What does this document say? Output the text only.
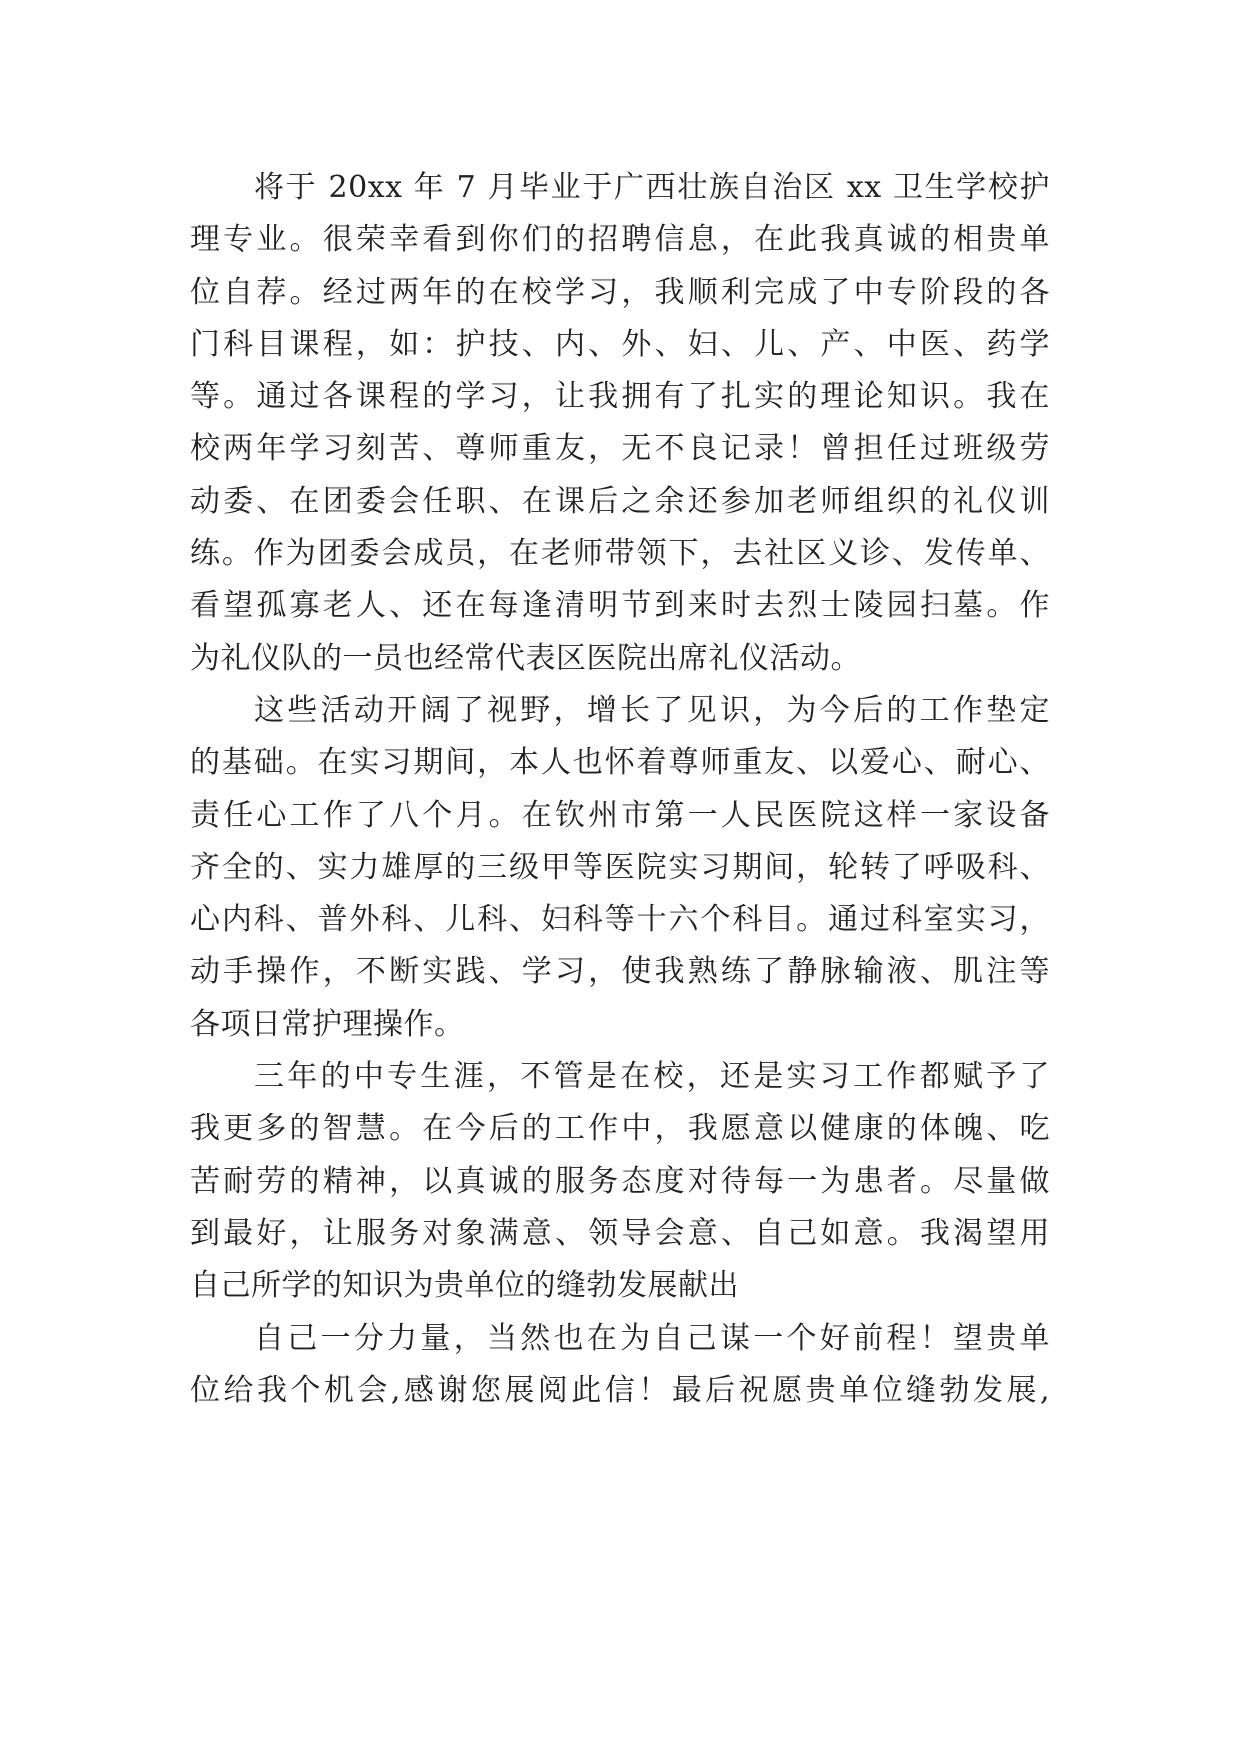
将于 20xx 年 7 月毕业于广西壮族自治区 xx 卫生学校护
理专业。很荣幸看到你们的招聘信息，在此我真诚的相贵单
位自荐。经过两年的在校学习，我顺利完成了中专阶段的各
门科目课程，如：护技、内、外、妇、儿、产、中医、药学
等。通过各课程的学习，让我拥有了扎实的理论知识。我在
校两年学习刻苦、尊师重友，无不良记录！曾担任过班级劳
动委、在团委会任职、在课后之余还参加老师组织的礼仪训
练。作为团委会成员，在老师带领下，去社区义诊、发传单、
看望孤寡老人、还在每逢清明节到来时去烈士陵园扫墓。作
为礼仪队的一员也经常代表区医院出席礼仪活动。
这些活动开阔了视野，增长了见识，为今后的工作垫定
的基础。在实习期间，本人也怀着尊师重友、以爱心、耐心、
责任心工作了八个月。在钦州市第一人民医院这样一家设备
齐全的、实力雄厚的三级甲等医院实习期间，轮转了呼吸科、
心内科、普外科、儿科、妇科等十六个科目。通过科室实习，
动手操作，不断实践、学习，使我熟练了静脉输液、肌注等
各项日常护理操作。
三年的中专生涯，不管是在校，还是实习工作都赋予了
我更多的智慧。在今后的工作中，我愿意以健康的体魄、吃
苦耐劳的精神，以真诚的服务态度对待每一为患者。尽量做
到最好，让服务对象满意、领导会意、自己如意。我渴望用
自己所学的知识为贵单位的缝勃发展献出
自己一分力量，当然也在为自己谋一个好前程！望贵单
位给我个机会,感谢您展阅此信！最后祝愿贵单位缝勃发展,
